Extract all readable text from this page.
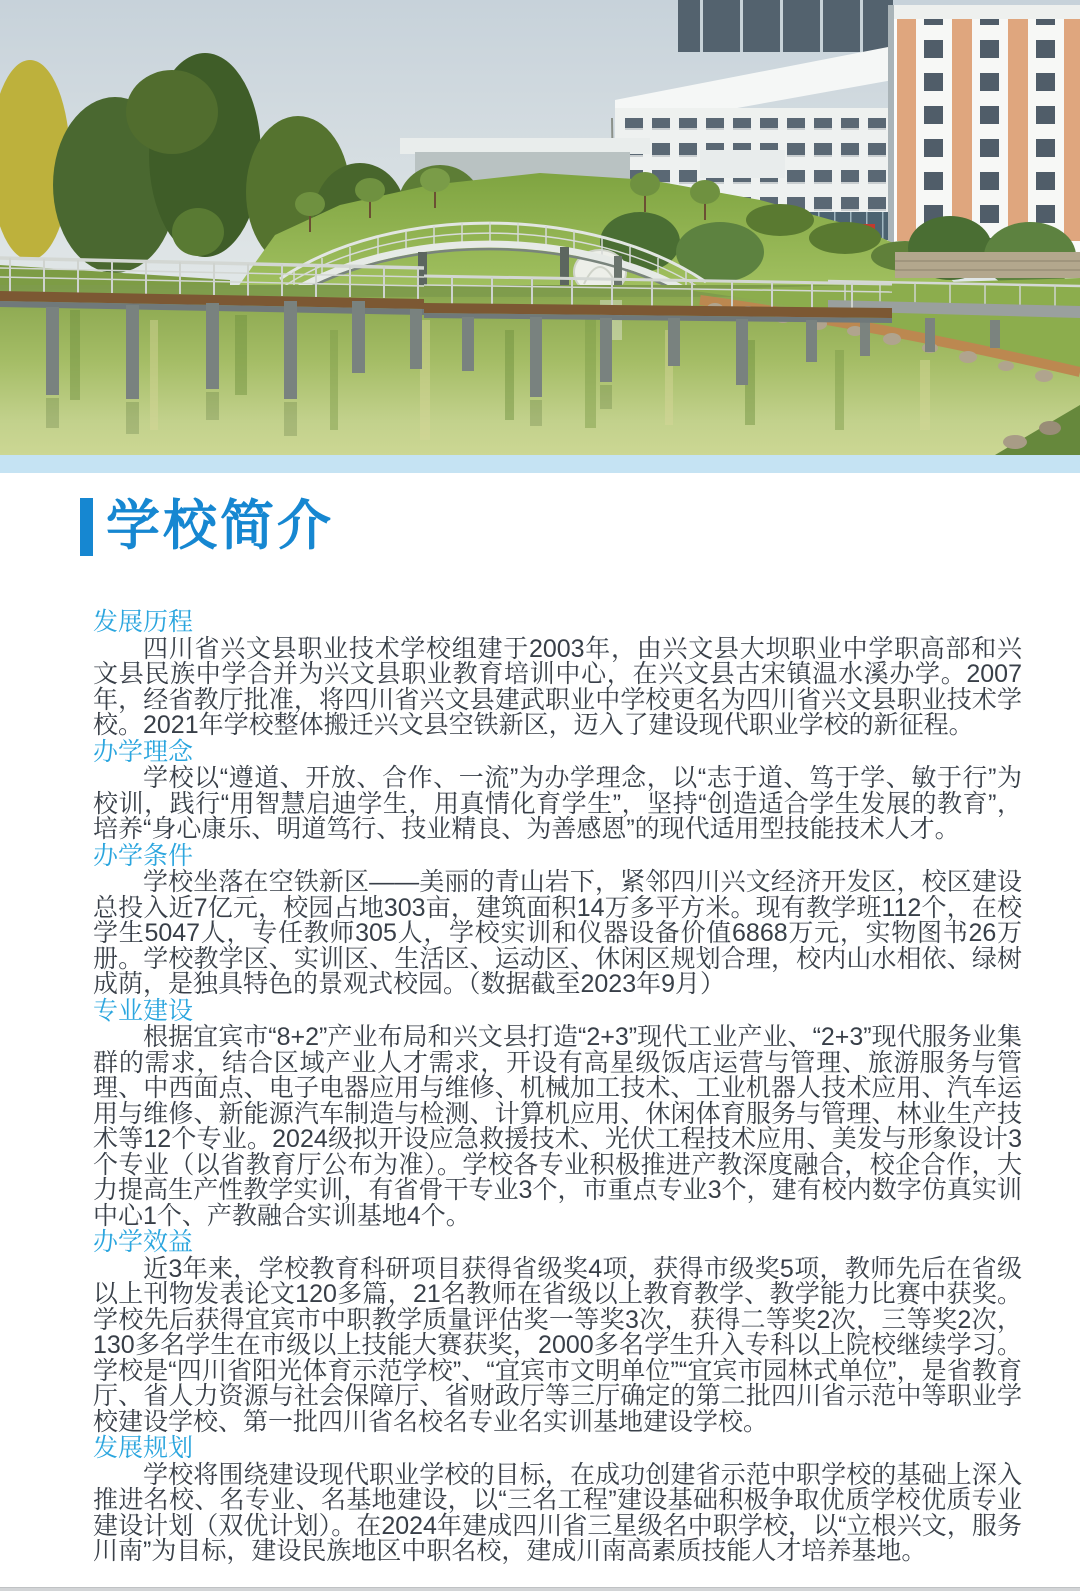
学校简介
发展历程

四川省兴文县职业技术学校组建于2003年，由兴文县大坝职业中学职高部和兴文县民族中学合并为兴文县职业教育培训中心，在兴文县古宋镇温水溪办学。2007年，经省教厅批准，将四川省兴文县建武职业中学校更名为四川省兴文县职业技术学校。2021年学校整体搬迁兴文县空铁新区，迈入了建设现代职业学校的新征程。

办学理念

学校以“遵道、开放、合作、一流”为办学理念，以“志于道、笃于学、敏于行”为校训，践行“用智慧启迪学生，用真情化育学生”，坚持“创造适合学生发展的教育”，培养“身心康乐、明道笃行、技业精良、为善感恩”的现代适用型技能技术人才。

办学条件

学校坐落在空铁新区——美丽的青山岩下，紧邻四川兴文经济开发区，校区建设总投入近7亿元，校园占地303亩，建筑面积14万多平方米。现有教学班112个，在校学生5047人，专任教师305人，学校实训和仪器设备价值6868万元，实物图书26万册。学校教学区、实训区、生活区、运动区、休闲区规划合理，校内山水相依、绿树成荫，是独具特色的景观式校园。（数据截至2023年9月）

专业建设

根据宜宾市“8+2”产业布局和兴文县打造“2+3”现代工业产业、“2+3”现代服务业集群的需求，结合区域产业人才需求，开设有高星级饭店运营与管理、旅游服务与管理、中西面点、电子电器应用与维修、机械加工技术、工业机器人技术应用、汽车运用与维修、新能源汽车制造与检测、计算机应用、休闲体育服务与管理、林业生产技术等12个专业。2024级拟开设应急救援技术、光伏工程技术应用、美发与形象设计3个专业（以省教育厅公布为准）。学校各专业积极推进产教深度融合，校企合作，大力提高生产性教学实训，有省骨干专业3个，市重点专业3个，建有校内数字仿真实训中心1个、产教融合实训基地4个。

办学效益

近3年来，学校教育科研项目获得省级奖4项，获得市级奖5项，教师先后在省级以上刊物发表论文120多篇，21名教师在省级以上教育教学、教学能力比赛中获奖。学校先后获得宜宾市中职教学质量评估奖一等奖3次，获得二等奖2次，三等奖2次，130多名学生在市级以上技能大赛获奖，2000多名学生升入专科以上院校继续学习。学校是“四川省阳光体育示范学校”、“宜宾市文明单位”“宜宾市园林式单位”，是省教育厅、省人力资源与社会保障厅、省财政厅等三厅确定的第二批四川省示范中等职业学校建设学校、第一批四川省名校名专业名实训基地建设学校。

发展规划

学校将围绕建设现代职业学校的目标，在成功创建省示范中职学校的基础上深入推进名校、名专业、名基地建设，以“三名工程”建设基础积极争取优质学校优质专业建设计划（双优计划）。在2024年建成四川省三星级名中职学校，以“立根兴文，服务川南”为目标，建设民族地区中职名校，建成川南高素质技能人才培养基地。
